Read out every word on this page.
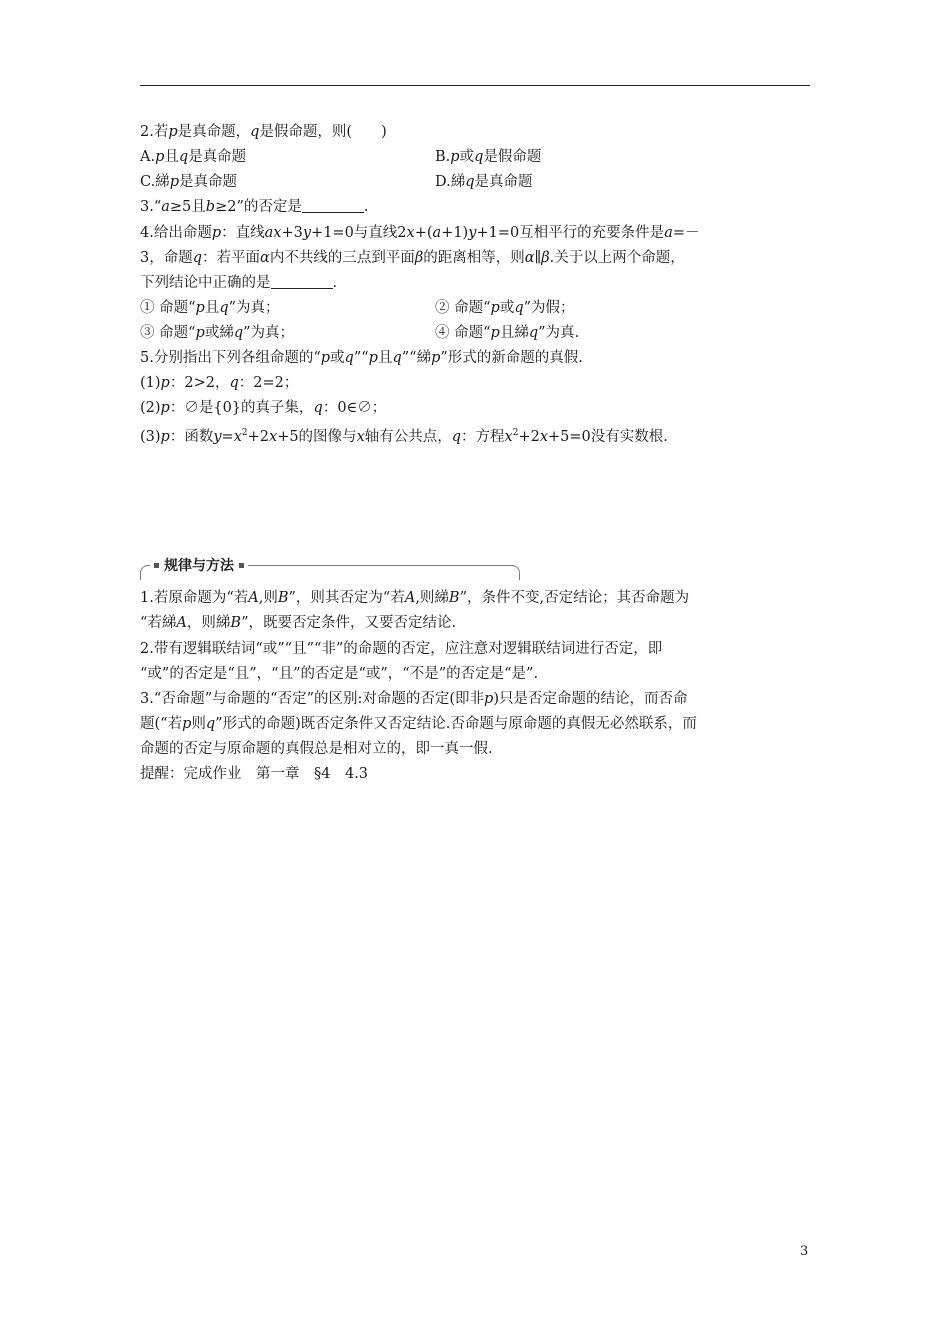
2.若p是真命题，q是假命题，则(　　)
A.p且q是真命题	B.p或q是假命题
C.綈p是真命题	D.綈q是真命题
3.“a≥5且b≥2”的否定是	.
4.给出命题p：直线ax+3y+1=0与直线2x+(a+1)y+1=0互相平行的充要条件是a=－
3，命题q：若平面α内不共线的三点到平面β的距离相等，则α∥β.关于以上两个命题，
下列结论中正确的是	.
① 命题“p且q”为真；	② 命题“p或q”为假；
③ 命题“p或綈q”为真；	④ 命题“p且綈q”为真.
5.分别指出下列各组命题的“p或q”“p且q”“綈p”形式的新命题的真假.
(1)p：2>2，q：2=2；
(2)p：∅是{0}的真子集，q：0∈∅；
(3)p：函数$y=x^2+2x+5$的图像与x轴有公共点，q：方程$x^2+2x+5=0$没有实数根.
规律与方法
1.若原命题为“若A,则B”，则其否定为“若A,则綈B”，条件不变,否定结论；其否命题为
“若綈A，则綈B”，既要否定条件，又要否定结论.
2.带有逻辑联结词“或”“且”“非”的命题的否定，应注意对逻辑联结词进行否定，即
“或”的否定是“且”，“且”的否定是“或”，“不是”的否定是“是”.
3.“否命题”与命题的“否定”的区别:对命题的否定(即非p)只是否定命题的结论，而否命
题(“若p则q”形式的命题)既否定条件又否定结论.否命题与原命题的真假无必然联系，而
命题的否定与原命题的真假总是相对立的，即一真一假.
提醒：完成作业　第一章　§4　4.3
3
